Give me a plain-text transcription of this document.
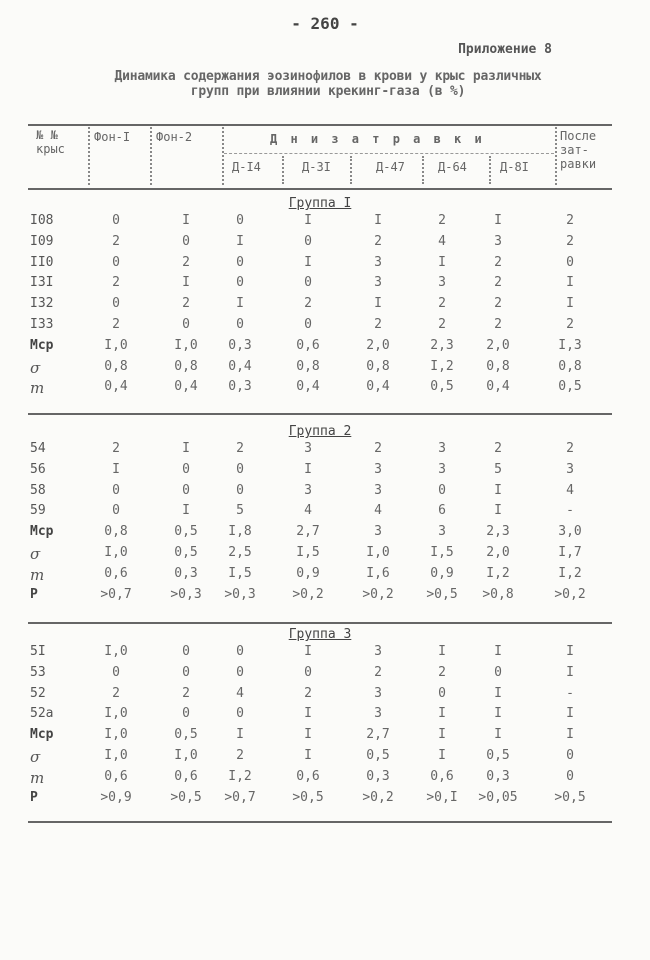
- 260 -
Приложение 8
Динамика содержания эозинофилов в крови у крыс различных
групп при влиянии крекинг-газа (в %)
№ №
крыс
Фон-I Фон-2	Д н и з а т р а в к и	После
зат-
равки
Д-I4	Д-3I	Д-47	Д-64	Д-8I
Группа I
I08	0	I	0	I	I	2	I	2
I09	2	0	I	0	2	4	3	2
II0	0	2	0	I	3	I	2	0
I3I	2	I	0	0	3	3	2	I
I32	0	2	I	2	I	2	2	I
I33	2	0	0	0	2	2	2	2
Мср	I,0	I,0	0,3	0,6	2,0	2,3	2,0	I,3
σ	0,8	0,8	0,4	0,8	0,8	I,2	0,8	0,8
m	0,4	0,4	0,3	0,4	0,4	0,5	0,4	0,5
Группа 2
54	2	I	2	3	2	3	2	2
56	I	0	0	I	3	3	5	3
58	0	0	0	3	3	0	I	4
59	0	I	5	4	4	6	I	-
Мср	0,8	0,5	I,8	2,7	3	3	2,3	3,0
σ	I,0	0,5	2,5	I,5	I,0	I,5	2,0	I,7
m	0,6	0,3	I,5	0,9	I,6	0,9	I,2	I,2
P	>0,7	>0,3	>0,3	>0,2	>0,2	>0,5	>0,8	>0,2
Группа 3
5I	I,0	0	0	I	3	I	I	I
53	0	0	0	0	2	2	0	I
52	2	2	4	2	3	0	I	-
52а	I,0	0	0	I	3	I	I	I
Мср	I,0	0,5	I	I	2,7	I	I	I
σ	I,0	I,0	2	I	0,5	I	0,5	0
m	0,6	0,6	I,2	0,6	0,3	0,6	0,3	0
P	>0,9	>0,5	>0,7	>0,5	>0,2	>0,I	>0,05	>0,5
